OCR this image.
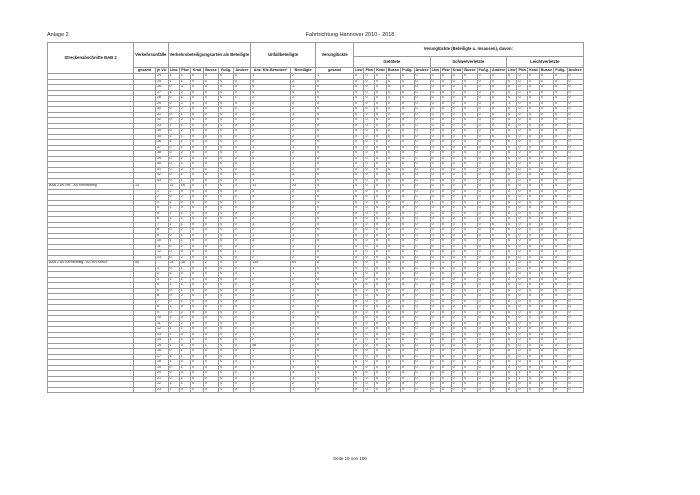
Anlage 2	Fahrtrichtung Hannover 2010 - 2018
Streckenabschnitte BAB 2	Verkehrsunfälle		Verkehrsbeteiligungsarten als Beteiligte						Unfallbeteiligte		Verunglückte	Verunglückte (Beteiligte u. Insassen), davon:																	
												Getötete						Schwerverletzte						Leichtverletzte					
	gesamt	je VU	Lkw	Pkw	Krad	Busse	Fußg.	Andere	Anz. Kfz-Benutzer¹	Beteiligte	gesamt	Lkw	Pkw	Krad	Busse	Fußg.	Andere	Lkw	Pkw	Krad	Busse	Fußg.	Andere	Lkw	Pkw	Krad	Busse	Fußg.	Andere
		24	1	1	0	0	0	0	1	2	1	0	0	0	0	0	0	0	0	0	0	0	0	0	0	0	0	0	0
		25	1	1	0	0	0	0	5	2	0	0	0	0	0	0	0	0	0	0	0	0	0	0	0	0	0	0	0
		26	0	3	0	0	0	0	9	3	0	0	0	0	0	0	0	0	0	0	0	0	0	0	0	0	0	0	0
		27	1	2	0	0	0	0	4	4	0	0	0	0	0	0	0	0	0	0	0	0	0	0	0	0	0	0	0
		28	0	1	0	0	0	1	2	2	0	0	0	0	0	0	0	0	0	0	0	0	0	0	0	0	0	0	0
		29	0	2	0	0	0	0	2	2	0	0	0	0	0	0	0	0	0	0	0	0	0	1	0	0	0	0	0
		30	0	2	0	0	0	0	2	2	0	0	0	0	0	0	0	0	0	0	0	0	0	0	0	0	0	0	0
		31	0	1	0	0	0	0	2	1	0	0	0	0	0	0	0	0	0	0	0	0	0	0	0	0	0	0	0
		32	0	2	0	0	0	0	4	2	0	0	0	0	0	0	0	0	0	0	0	0	0	0	0	0	0	0	0
		33	1	1	0	0	0	0	3	2	0	0	0	0	0	0	0	0	0	0	0	0	0	0	0	0	0	0	0
		34	0	2	0	0	0	0	2	2	0	0	0	0	0	0	0	0	0	0	0	0	0	0	0	0	0	0	0
		35	1	1	0	0	0	0	2	2	0	0	0	0	0	0	0	0	0	0	0	0	0	0	0	0	0	0	0
		36	1	1	0	0	0	0	2	2	0	0	0	0	0	0	0	0	0	0	0	0	0	0	0	0	0	0	0
		37	0	1	0	0	0	0	1	1	0	0	0	0	0	0	0	0	0	0	0	0	0	0	0	0	0	0	0
		38	0	2	0	0	0	0	2	2	0	0	0	0	0	0	0	0	0	0	0	0	0	0	0	0	0	0	0
		39	0	2	0	0	0	0	6	2	0	0	0	0	0	0	0	0	0	0	0	0	0	0	0	0	0	0	0
		40	0	1	0	0	0	0	1	1	0	0	0	0	0	0	0	0	0	0	0	0	0	0	0	0	0	0	0
		41	0	2	0	0	0	0	2	2	0	0	0	0	0	0	0	0	0	0	0	0	0	0	0	0	0	0	0
		42	0	1	0	0	0	1	2	2	0	0	0	0	0	0	0	0	0	0	0	0	0	0	0	0	0	0	0
		43	0	1	0	0	0	0	1	1	0	0	0	0	0	0	0	0	0	0	0	0	0	0	0	0	0	0	0
BAB 2 AS HN - AS Kernenbeig	13		11	19	0	0	0	0	31	23	4	0	0	0	0	0	0	0	0	0	0	0	0	0	0	0	0	0	0
		1	2	0	0	0	0	0	3	2	0	0	0	0	0	0	0	0	0	0	0	0	0	0	0	0	0	0	0
		2	0	2	0	0	0	0	3	2	0	0	0	0	0	0	0	0	0	0	0	0	0	0	0	0	0	0	0
		3	1	0	0	0	0	1	2	2	1	0	0	0	0	0	0	1	0	0	0	0	0	0	0	0	0	0	0
		4	1	0	0	0	0	0	2	2	0	0	0	0	0	0	0	0	0	0	0	0	0	0	0	0	0	0	0
		5	1	1	0	0	0	0	2	2	0	0	0	0	0	0	0	0	0	0	0	0	0	0	0	0	0	0	0
		6	1	1	0	0	0	0	2	2	0	0	0	0	0	0	0	0	0	0	0	0	0	0	0	0	0	0	0
		7	1	1	0	0	0	0	3	2	0	0	0	0	0	0	0	0	0	0	0	0	0	0	0	0	0	0	0
		8	0	2	0	0	0	0	2	2	0	0	0	0	0	0	0	0	0	0	0	0	0	0	0	0	0	0	0
		9	0	1	0	0	0	0	1	1	0	0	0	0	0	0	0	0	0	0	0	0	0	0	0	0	0	0	0
		10	1	1	0	0	0	0	4	2	0	0	0	0	0	0	0	0	0	0	0	0	0	0	0	0	0	0	0
		11	0	2	0	0	0	0	2	2	1	0	0	0	0	0	0	0	0	0	0	0	0	0	0	0	0	0	0
		12	0	0	0	0	0	1	1	1	0	0	0	0	0	0	0	0	0	0	0	0	0	0	0	0	0	0	0
		13	0	2	0	0	0	0	2	2	0	0	0	0	0	0	0	0	0	0	0	0	0	0	0	0	0	0	0
BAB 2 AS Kernenbeig - AS HN Kreuz	40		24	35	0	2	0	0	134	61	8	0	0	0	0	0	0	0	1	0	0	0	0	1	0	0	0	0	0
		1	0	1	0	0	0	0	1	1	0	0	0	0	0	0	0	0	0	0	0	0	0	0	0	0	0	0	0
		2	1	0	0	0	0	0	1	1	0	0	0	0	0	0	0	0	0	0	0	0	0	0	0	0	0	0	0
		3	1	1	0	0	0	0	2	2	0	0	0	0	0	0	0	0	0	0	0	0	0	0	0	0	0	0	0
		4	1	1	0	0	0	0	2	2	0	0	0	0	0	0	0	0	0	0	0	0	0	0	0	0	0	0	0
		5	0	1	0	0	0	0	4	1	0	0	0	0	0	0	0	0	0	0	0	0	0	0	0	0	0	0	0
		6	0	2	0	0	0	0	3	2	0	0	0	0	0	0	0	0	0	0	0	0	0	0	0	0	0	0	0
		7	0	1	0	0	0	0	1	1	0	0	0	0	0	0	0	0	0	0	0	0	0	0	0	0	0	0	0
		8	1	0	0	0	0	0	2	2	0	0	0	0	0	0	0	0	0	0	0	0	0	0	0	0	0	0	0
		9	0	2	0	0	0	0	2	2	0	0	0	0	0	0	0	0	0	0	0	0	0	0	0	0	0	0	0
		10	1	0	0	0	0	0	1	1	0	0	0	0	0	0	0	0	0	0	0	0	0	0	0	0	0	0	0
		11	0	2	0	0	0	0	2	2	0	0	0	0	0	0	0	0	0	0	0	0	0	0	0	0	0	0	0
		12	1	1	0	0	0	0	2	2	0	0	0	0	0	0	0	0	0	0	0	0	0	0	0	0	0	0	0
		13	1	0	0	0	0	0	1	1	0	0	0	0	0	0	0	0	0	0	0	0	0	0	0	0	0	0	0
		14	1	1	0	0	0	0	2	2	0	0	0	0	0	0	0	0	0	0	0	0	0	0	0	0	0	0	0
		15	1	0	0	1	0	0	38	2	0	0	0	0	0	0	0	0	0	0	0	0	0	0	0	0	0	0	0
		16	0	1	0	0	0	0	1	1	0	0	0	0	0	0	0	0	0	0	0	0	0	0	0	0	0	0	0
		17	1	1	0	0	0	0	2	2	0	0	0	0	0	0	0	0	0	0	0	0	0	0	0	0	0	0	0
		18	1	0	0	0	0	0	1	1	0	0	0	0	0	0	0	0	0	0	0	0	0	0	0	0	0	0	0
		19	0	1	0	0	0	0	1	1	0	0	0	0	0	0	0	0	0	0	0	0	0	0	0	0	0	0	0
		20	0	3	0	0	0	0	4	3	1	0	0	0	0	0	0	0	0	0	0	0	0	0	1	0	0	0	0
		21	0	1	0	0	0	0	1	1	1	0	0	0	0	0	0	0	0	0	0	0	0	0	1	0	0	0	0
		22	1	1	0	0	0	0	2	2	0	0	0	0	0	0	0	0	0	0	0	0	0	0	0	0	0	0	0
		23	1	0	0	0	0	0	1	1	0	0	0	0	0	0	0	0	0	0	0	0	0	0	0	0	0	0	0
Seite 19 von 100
